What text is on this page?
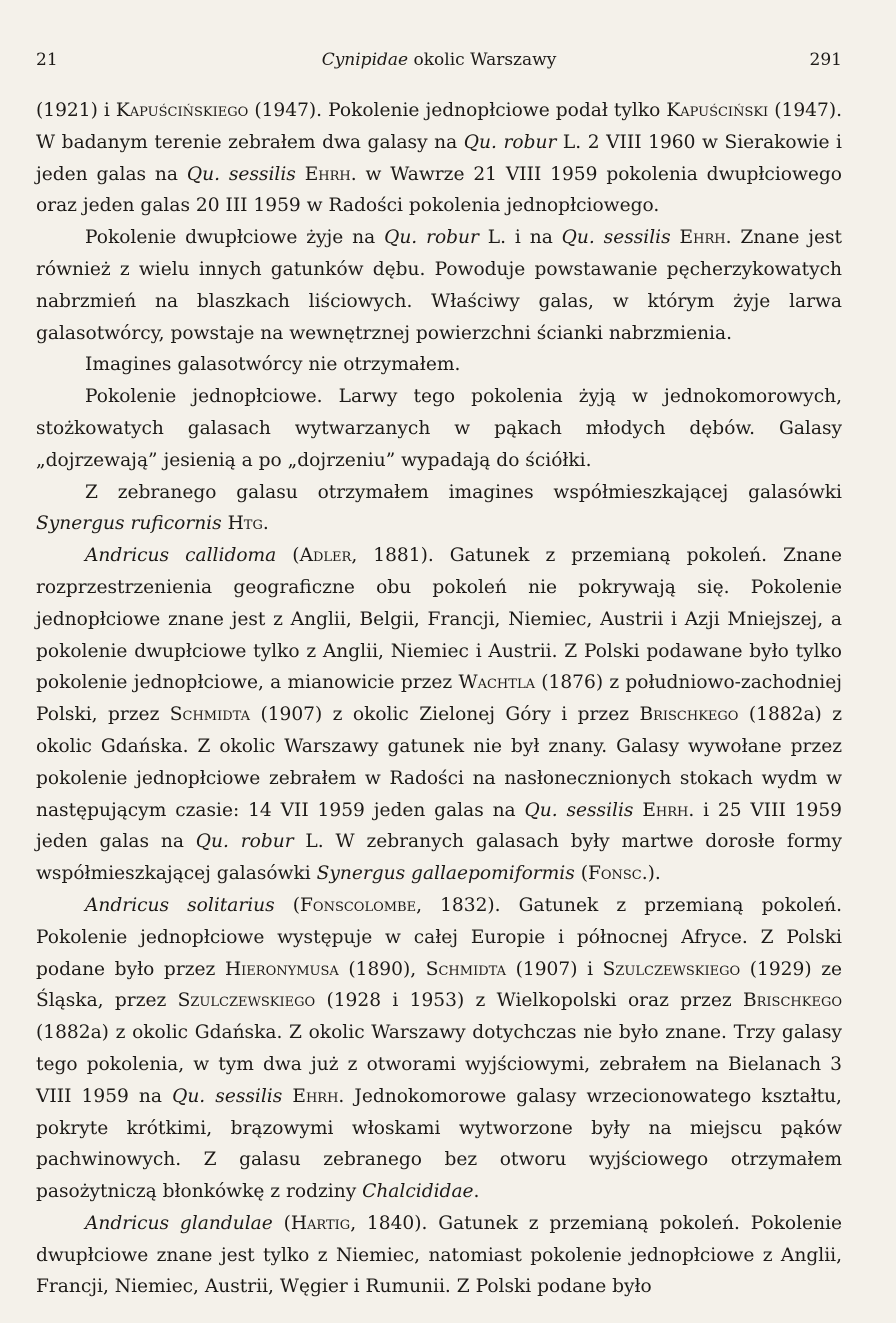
21	Cynipidae okolic Warszawy	291

(1921) i Kapuścińskiego (1947). Pokolenie jednopłciowe podał tylko Kapuściński (1947). W badanym terenie zebrałem dwa galasy na Qu. robur L. 2 VIII 1960 w Sierakowie i jeden galas na Qu. sessilis Ehrh. w Wawrze 21 VIII 1959 pokolenia dwupłciowego oraz jeden galas 20 III 1959 w Radości pokolenia jednopłciowego.

Pokolenie dwupłciowe żyje na Qu. robur L. i na Qu. sessilis Ehrh. Znane jest również z wielu innych gatunków dębu. Powoduje powstawanie pęcherzykowatych nabrzmień na blaszkach liściowych. Właściwy galas, w którym żyje larwa galasotwórcy, powstaje na wewnętrznej powierzchni ścianki nabrzmienia.

Imagines galasotwórcy nie otrzymałem.

Pokolenie jednopłciowe. Larwy tego pokolenia żyją w jednokomorowych, stożkowatych galasach wytwarzanych w pąkach młodych dębów. Galasy „dojrzewają” jesienią a po „dojrzeniu” wypadają do ściółki.

Z zebranego galasu otrzymałem imagines współmieszkającej galasówki Synergus ruficornis Htg.

Andricus callidoma (Adler, 1881). Gatunek z przemianą pokoleń. Znane rozprzestrzenienia geograficzne obu pokoleń nie pokrywają się. Pokolenie jednopłciowe znane jest z Anglii, Belgii, Francji, Niemiec, Austrii i Azji Mniejszej, a pokolenie dwupłciowe tylko z Anglii, Niemiec i Austrii. Z Polski podawane było tylko pokolenie jednopłciowe, a mianowicie przez Wachtla (1876) z południowo-zachodniej Polski, przez Schmidta (1907) z okolic Zielonej Góry i przez Brischkego (1882a) z okolic Gdańska. Z okolic Warszawy gatunek nie był znany. Galasy wywołane przez pokolenie jednopłciowe zebrałem w Radości na nasłonecznionych stokach wydm w następującym czasie: 14 VII 1959 jeden galas na Qu. sessilis Ehrh. i 25 VIII 1959 jeden galas na Qu. robur L. W zebranych galasach były martwe dorosłe formy współmieszkającej galasówki Synergus gallaepomiformis (Fonsc.).

Andricus solitarius (Fonscolombe, 1832). Gatunek z przemianą pokoleń. Pokolenie jednopłciowe występuje w całej Europie i północnej Afryce. Z Polski podane było przez Hieronymusa (1890), Schmidta (1907) i Szulczewskiego (1929) ze Śląska, przez Szulczewskiego (1928 i 1953) z Wielkopolski oraz przez Brischkego (1882a) z okolic Gdańska. Z okolic Warszawy dotychczas nie było znane. Trzy galasy tego pokolenia, w tym dwa już z otworami wyjściowymi, zebrałem na Bielanach 3 VIII 1959 na Qu. sessilis Ehrh. Jednokomorowe galasy wrzecionowatego kształtu, pokryte krótkimi, brązowymi włoskami wytworzone były na miejscu pąków pachwinowych. Z galasu zebranego bez otworu wyjściowego otrzymałem pasożytniczą błonkówkę z rodziny Chalcididae.

Andricus glandulae (Hartig, 1840). Gatunek z przemianą pokoleń. Pokolenie dwupłciowe znane jest tylko z Niemiec, natomiast pokolenie jednopłciowe z Anglii, Francji, Niemiec, Austrii, Węgier i Rumunii. Z Polski podane było
